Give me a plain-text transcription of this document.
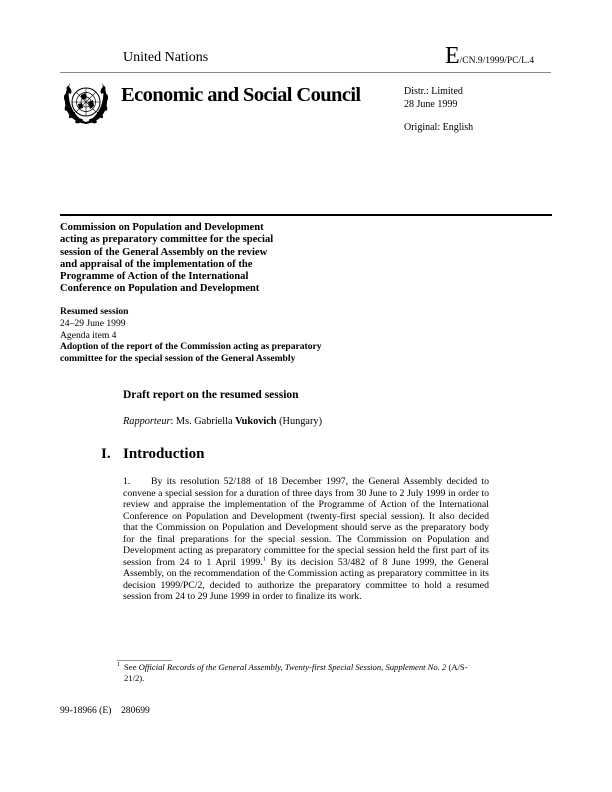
United Nations	E/CN.9/1999/PC/L.4
Economic and Social Council	Distr.: Limited
28 June 1999
Original: English
Commission on Population and Development
acting as preparatory committee for the special
session of the General Assembly on the review
and appraisal of the implementation of the
Programme of Action of the International
Conference on Population and Development
Resumed session
24–29 June 1999
Agenda item 4
Adoption of the report of the Commission acting as preparatory
committee for the special session of the General Assembly
Draft report on the resumed session
Rapporteur: Ms. Gabriella Vukovich (Hungary)
I. Introduction
1. By its resolution 52/188 of 18 December 1997, the General Assembly decided to convene a special session for a duration of three days from 30 June to 2 July 1999 in order to review and appraise the implementation of the Programme of Action of the International Conference on Population and Development (twenty-first special session). It also decided that the Commission on Population and Development should serve as the preparatory body for the final preparations for the special session. The Commission on Population and Development acting as preparatory committee for the special session held the first part of its session from 24 to 1 April 1999.$^1$ By its decision 53/482 of 8 June 1999, the General Assembly, on the recommendation of the Commission acting as preparatory committee in its decision 1999/PC/2, decided to authorize the preparatory committee to hold a resumed session from 24 to 29 June 1999 in order to finalize its work.
$^1$ See Official Records of the General Assembly, Twenty-first Special Session, Supplement No. 2 (A/S-21/2).
99-18966 (E)    280699
